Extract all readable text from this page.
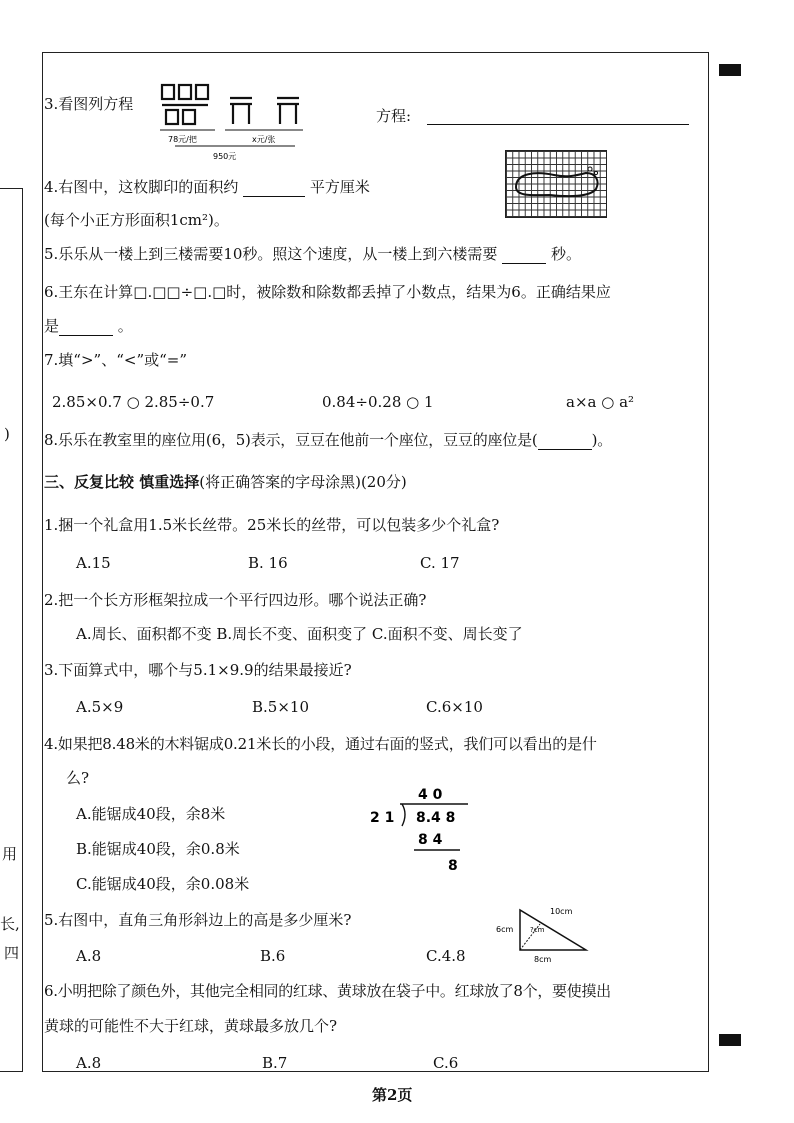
)
用
长,
四
3.看图列方程
78元/把	x元/张
950元
方程:
4.右图中，这枚脚印的面积约	平方厘米
(每个小正方形面积1cm²)。
5.乐乐从一楼上到三楼需要10秒。照这个速度，从一楼上到六楼需要	秒。
6.王东在计算□.□□÷□.□时，被除数和除数都丢掉了小数点，结果为6。正确结果应
是	。
7.填“>”、“<”或“=”
2.85×0.7 ○ 2.85÷0.7	0.84÷0.28 ○ 1	a×a ○ a²
8.乐乐在教室里的座位用(6，5)表示，豆豆在他前一个座位，豆豆的座位是(	)。
三、反复比较 慎重选择(将正确答案的字母涂黑)(20分)
1.捆一个礼盒用1.5米长丝带。25米长的丝带，可以包装多少个礼盒?
A.15	B. 16	C. 17
2.把一个长方形框架拉成一个平行四边形。哪个说法正确?
A.周长、面积都不变 B.周长不变、面积变了 C.面积不变、周长变了
3.下面算式中，哪个与5.1×9.9的结果最接近?
A.5×9	B.5×10	C.6×10
4.如果把8.48米的木料锯成0.21米长的小段，通过右面的竖式，我们可以看出的是什
么?
A.能锯成40段，余8米
B.能锯成40段，余0.8米
C.能锯成40段，余0.08米
4 0
2 1 8.4 8
8 4
8
5.右图中，直角三角形斜边上的高是多少厘米?
A.8	B.6	C.4.8
6cm
10cm
8cm
?cm
6.小明把除了颜色外，其他完全相同的红球、黄球放在袋子中。红球放了8个，要使摸出
黄球的可能性不大于红球，黄球最多放几个?
A.8	B.7	C.6
第2页
